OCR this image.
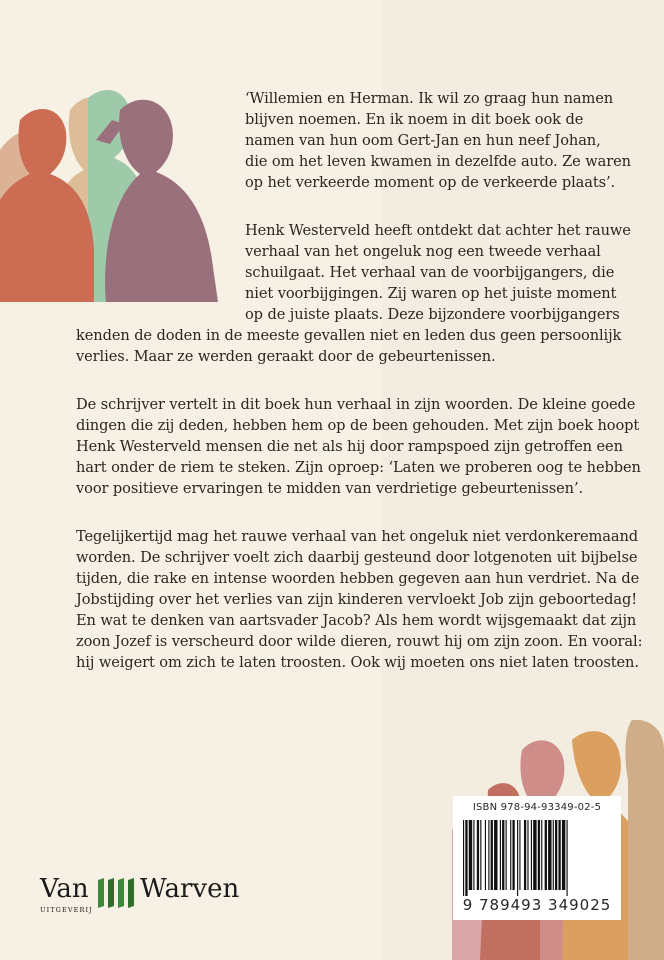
‘Willemien en Herman. Ik wil zo graag hun namen
blijven noemen. En ik noem in dit boek ook de
namen van hun oom Gert-Jan en hun neef Johan,
die om het leven kwamen in dezelfde auto. Ze waren
op het verkeerde moment op de verkeerde plaats’.
Henk Westerveld heeft ontdekt dat achter het rauwe
verhaal van het ongeluk nog een tweede verhaal
schuilgaat. Het verhaal van de voorbijgangers, die
niet voorbijgingen. Zij waren op het juiste moment
op de juiste plaats. Deze bijzondere voorbijgangers
kenden de doden in de meeste gevallen niet en leden dus geen persoonlijk
verlies. Maar ze werden geraakt door de gebeurtenissen.
De schrijver vertelt in dit boek hun verhaal in zijn woorden. De kleine goede
dingen die zij deden, hebben hem op de been gehouden. Met zijn boek hoopt
Henk Westerveld mensen die net als hij door rampspoed zijn getroffen een
hart onder de riem te steken. Zijn oproep: ‘Laten we proberen oog te hebben
voor positieve ervaringen te midden van verdrietige gebeurtenissen’.
Tegelijkertijd mag het rauwe verhaal van het ongeluk niet verdonkeremaand
worden. De schrijver voelt zich daarbij gesteund door lotgenoten uit bijbelse
tijden, die rake en intense woorden hebben gegeven aan hun verdriet. Na de
Jobstijding over het verlies van zijn kinderen vervloekt Job zijn geboortedag!
En wat te denken van aartsvader Jacob? Als hem wordt wijsgemaakt dat zijn
zoon Jozef is verscheurd door wilde dieren, rouwt hij om zijn zoon. En vooral:
hij weigert om zich te laten troosten. Ook wij moeten ons niet laten troosten.
ISBN 978-94-93349-02-5
9 789493 349025
Van
UITGEVERIJ
Warven
